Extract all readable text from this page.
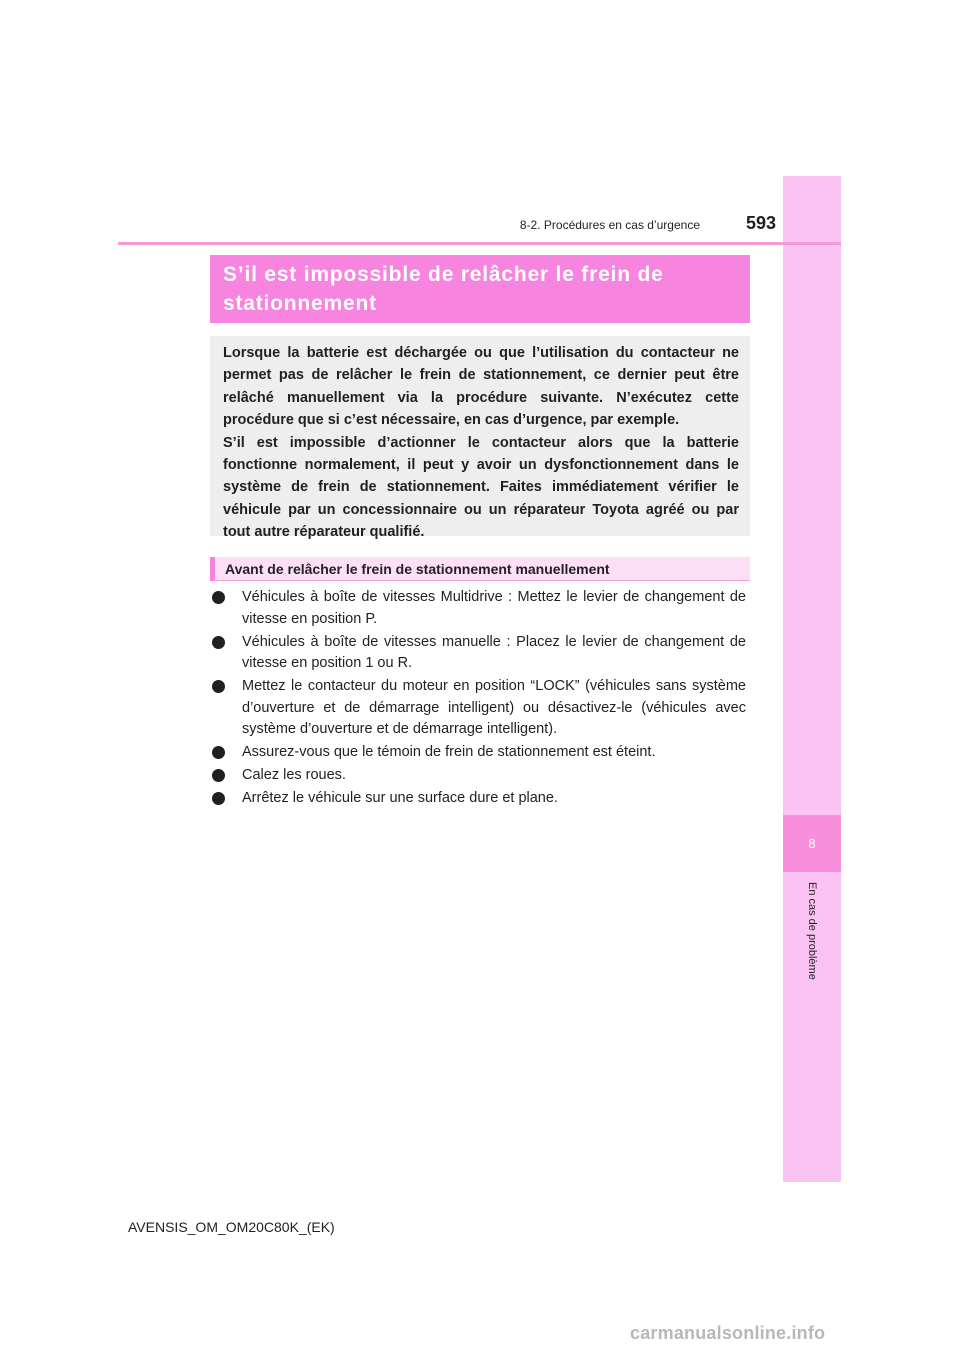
8
En cas de problème
8-2. Procédures en cas d’urgence	593
S’il est impossible de relâcher le frein de stationnement

Lorsque la batterie est déchargée ou que l’utilisation du contacteur ne permet pas de relâcher le frein de stationnement, ce dernier peut être relâché manuellement via la procédure suivante. N’exécutez cette procédure que si c’est nécessaire, en cas d’urgence, par exemple.

S’il est impossible d’actionner le contacteur alors que la batterie fonctionne normalement, il peut y avoir un dysfonctionnement dans le système de frein de stationnement. Faites immédiatement vérifier le véhicule par un concessionnaire ou un réparateur Toyota agréé ou par tout autre réparateur qualifié.

Avant de relâcher le frein de stationnement manuellement
Véhicules à boîte de vitesses Multidrive : Mettez le levier de changement de vitesse en position P.
Véhicules à boîte de vitesses manuelle : Placez le levier de changement de vitesse en position 1 ou R.
Mettez le contacteur du moteur en position “LOCK” (véhicules sans système d’ouverture et de démarrage intelligent) ou désactivez-le (véhicules avec système d’ouverture et de démarrage intelligent).
Assurez-vous que le témoin de frein de stationnement est éteint.
Calez les roues.
Arrêtez le véhicule sur une surface dure et plane.
AVENSIS_OM_OM20C80K_(EK)
carmanualsonline.info
